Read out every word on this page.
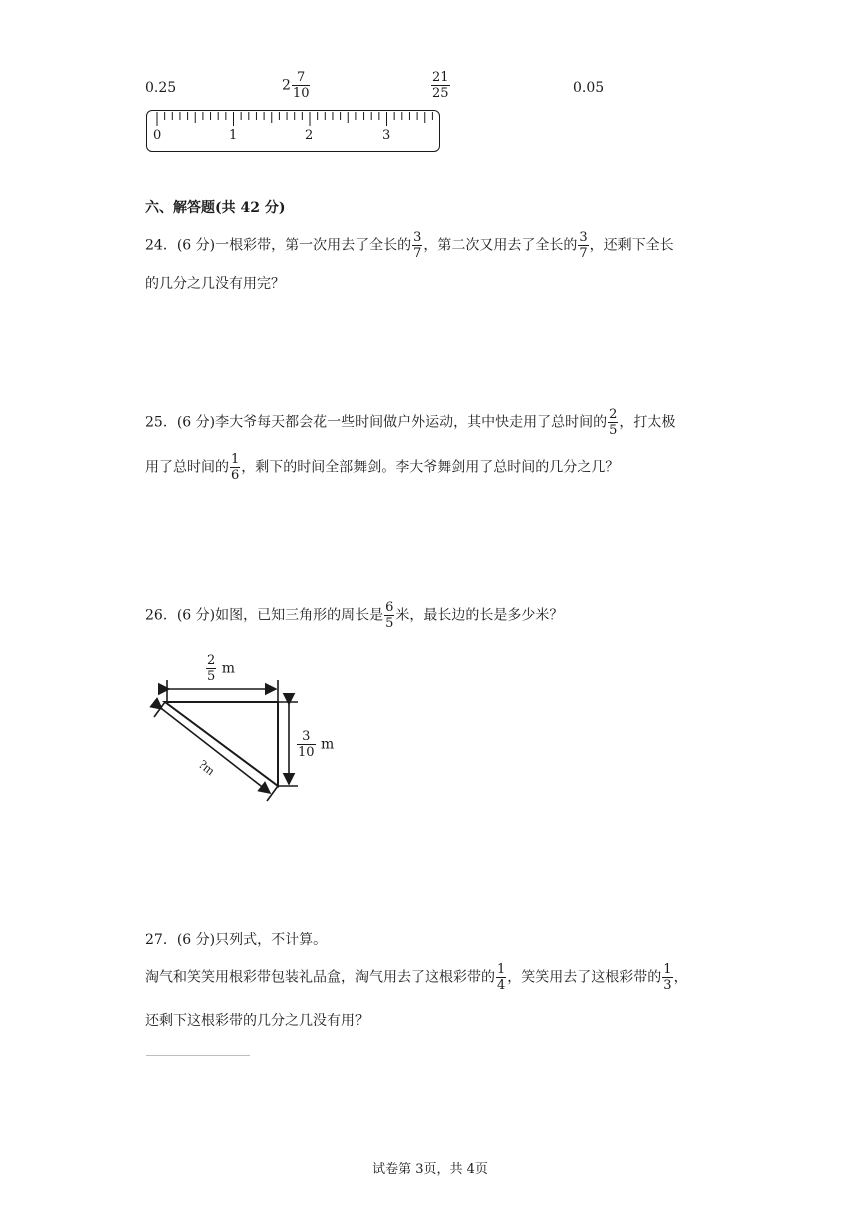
0.25	$2 \frac{7}{10}$	$\frac{21}{25}$	0.05
0	1	2	3
六、解答题(共 42 分)
24．(6 分)一根彩带，第一次用去了全长的 $\frac{3}{7}$ ，第二次又用去了全长的 $\frac{3}{7}$ ，还剩下全长
的几分之几没有用完？
25．(6 分)李大爷每天都会花一些时间做户外运动，其中快走用了总时间的 $\frac{2}{5}$ ，打太极
用了总时间的 $\frac{1}{6}$ ，剩下的时间全部舞剑。李大爷舞剑用了总时间的几分之几？
26．(6 分)如图，已知三角形的周长是 $\frac{6}{5}$ 米，最长边的长是多少米？
?m
$\frac{2}{5}$ m
$\frac{3}{10}$ m
27．(6 分)只列式，不计算。
淘气和笑笑用根彩带包装礼品盒，淘气用去了这根彩带的 $\frac{1}{4}$ ，笑笑用去了这根彩带的 $\frac{1}{3}$ ，
还剩下这根彩带的几分之几没有用？
试卷第 3页，共 4页
